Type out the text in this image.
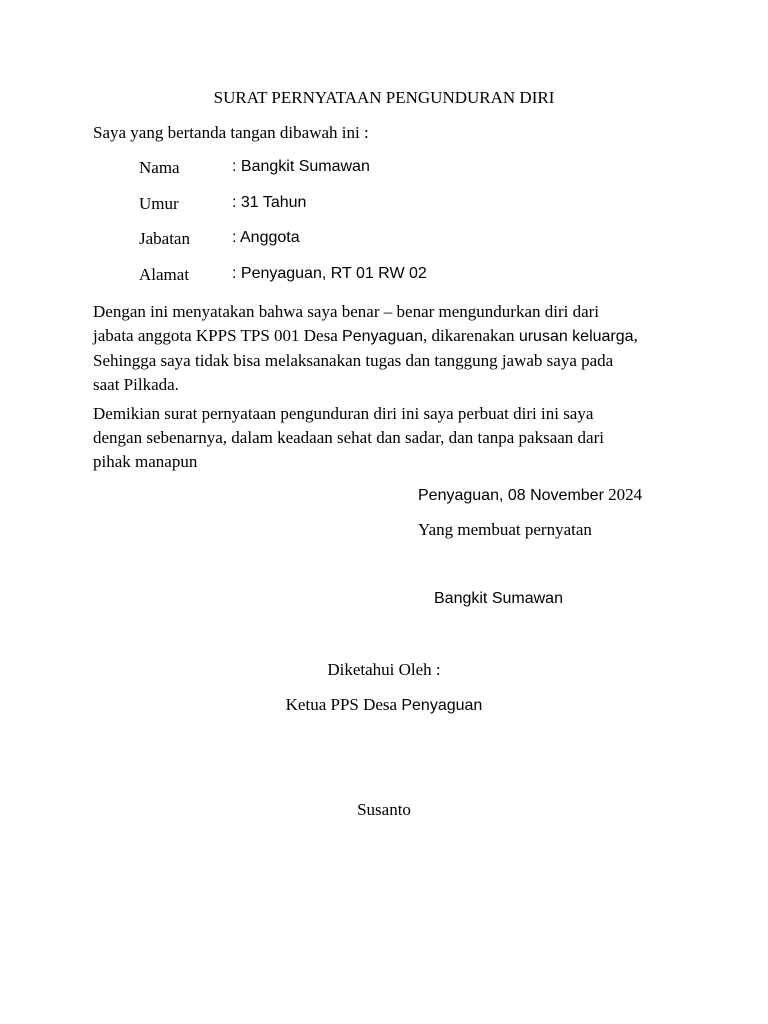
SURAT PERNYATAAN PENGUNDURAN DIRI
Saya yang bertanda tangan dibawah ini :
Nama	: Bangkit Sumawan
Umur	: 31 Tahun
Jabatan	: Anggota
Alamat	: Penyaguan, RT 01 RW 02
Dengan ini menyatakan bahwa saya benar – benar mengundurkan diri dari
jabata anggota KPPS TPS 001 Desa Penyaguan, dikarenakan urusan keluarga,
Sehingga saya tidak bisa melaksanakan tugas dan tanggung jawab saya pada
saat Pilkada.
Demikian surat pernyataan pengunduran diri ini saya perbuat diri ini saya
dengan sebenarnya, dalam keadaan sehat dan sadar, dan tanpa paksaan dari
pihak manapun
Penyaguan, 08 November 2024
Yang membuat pernyatan
Bangkit Sumawan
Diketahui Oleh :
Ketua PPS Desa Penyaguan
Susanto
